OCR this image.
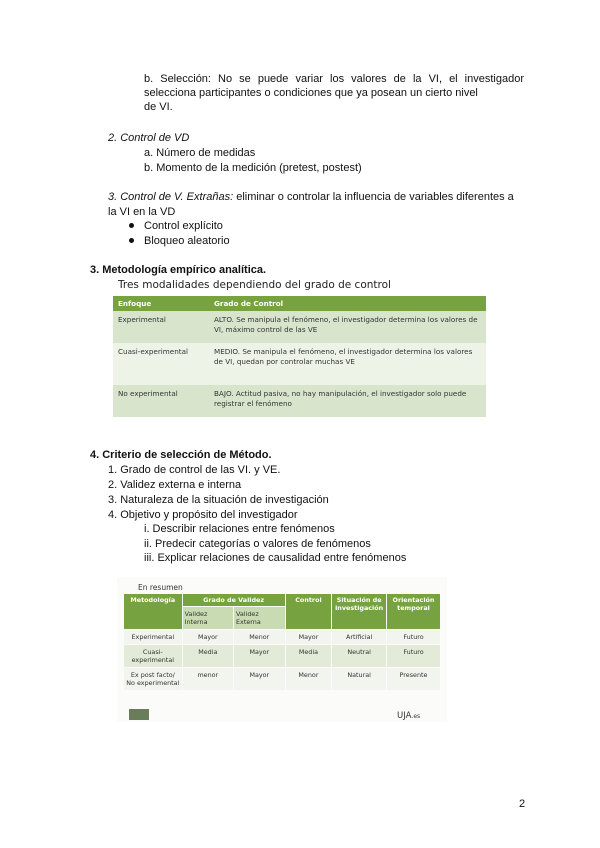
b. Selección: No se puede variar los valores de la VI, el investigador
selecciona participantes o condiciones que ya posean un cierto nivel
de VI.
2. Control de VD
a. Número de medidas
b. Momento de la medición (pretest, postest)
3. Control de V. Extrañas: eliminar o controlar la influencia de variables diferentes a
la VI en la VD
Control explícito
Bloqueo aleatorio
3. Metodología empírico analítica.
Tres modalidades dependiendo del grado de control
Enfoque	Grado de Control
Experimental	ALTO. Se manipula el fenómeno, el investigador determina los valores de VI, máximo control de las VE
Cuasi-experimental	MEDIO. Se manipula el fenómeno, el investigador determina los valores de VI, quedan por controlar muchas VE
No experimental	BAJO. Actitud pasiva, no hay manipulación, el investigador solo puede registrar el fenómeno
4. Criterio de selección de Método.
1. Grado de control de las VI. y VE.
2. Validez externa e interna
3. Naturaleza de la situación de investigación
4. Objetivo y propósito del investigador
i. Describir relaciones entre fenómenos
ii. Predecir categorías o valores de fenómenos
iii. Explicar relaciones de causalidad entre fenómenos
En resumen
Metodología	Grado de Validez		Control	Situación de investigación	Orientación temporal
	Validez Interna	Validez Externa			
Experimental	Mayor	Menor	Mayor	Artificial	Futuro
Cuasi-experimental	Media	Mayor	Media	Neutral	Futuro
Ex post facto/ No experimental	menor	Mayor	Menor	Natural	Presente
UJA.es
2
